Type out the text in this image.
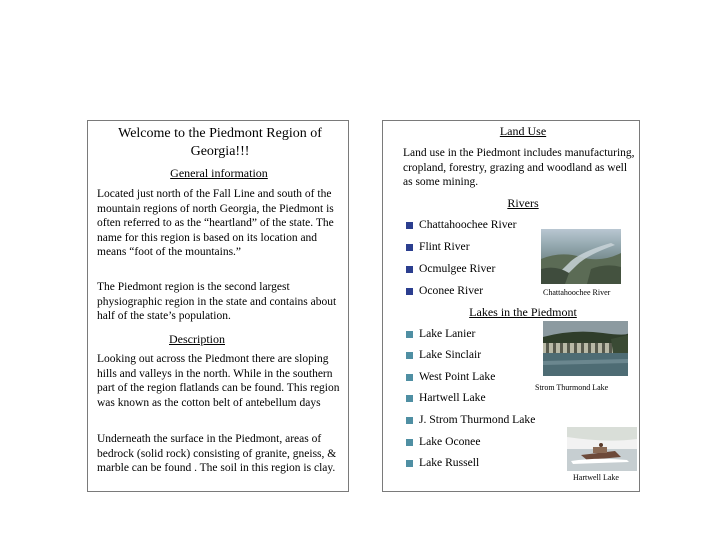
Welcome to the Piedmont Region of Georgia!!!
General information
Located just north of the Fall Line and south of the mountain regions of north Georgia, the Piedmont is often referred to as the “heartland” of the state. The name for this region is based on its location and means “foot of the mountains.”
The Piedmont region is the second largest physiographic region in the state and contains about half of the state’s population.
Description
Looking out across the Piedmont there are sloping hills and valleys in the north. While in the southern part of the region flatlands can be found. This region was known as the cotton belt of antebellum days
Underneath the surface in the Piedmont, areas of bedrock (solid rock) consisting of granite, gneiss, & marble can be found . The soil in this region is clay.
Land Use
Land use in the Piedmont includes manufacturing, cropland, forestry, grazing and woodland as well as some mining.
Rivers
Chattahoochee River
Flint River
Ocmulgee River
Oconee River	Chattahoochee River
Lakes in the Piedmont
Lake Lanier
Lake Sinclair
West Point Lake
Hartwell Lake
J. Strom Thurmond Lake
Lake Oconee
Lake Russell
Strom Thurmond Lake
Hartwell Lake
